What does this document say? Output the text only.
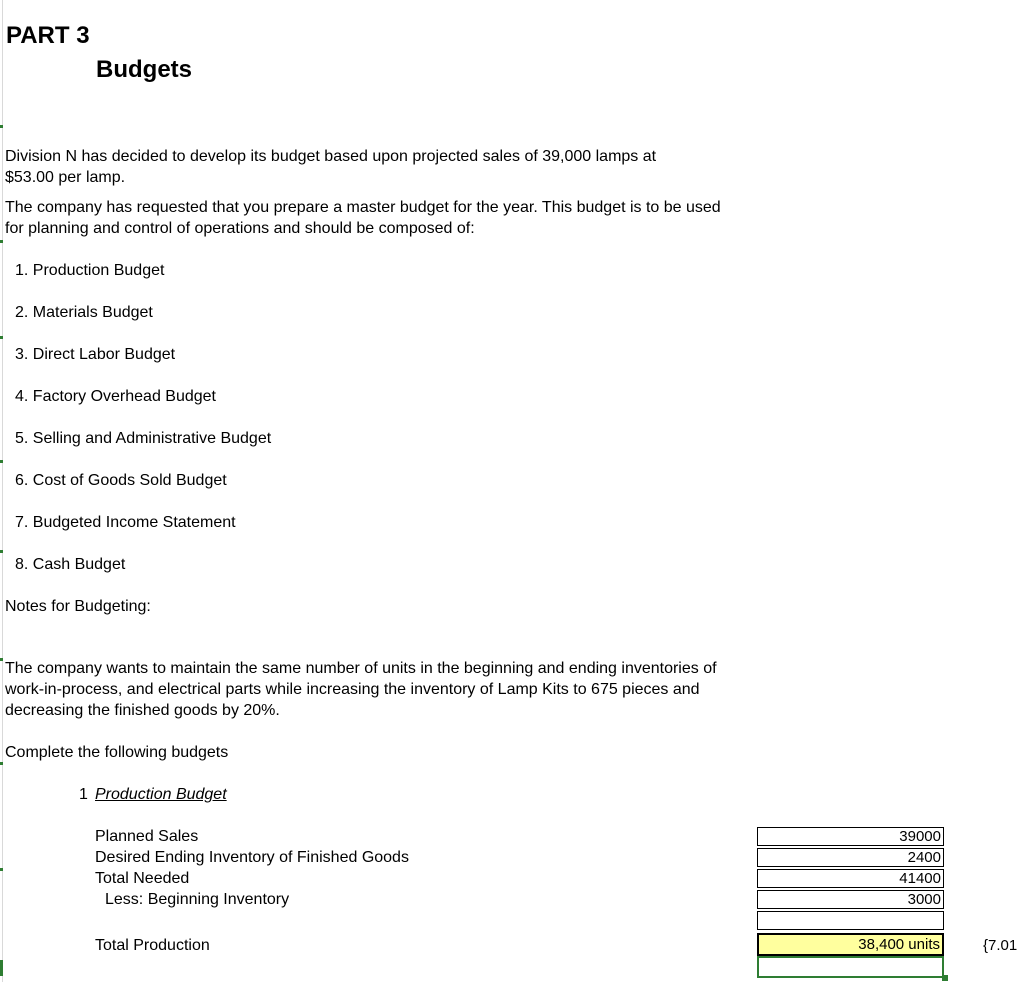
PART 3
Budgets
Division N has decided to develop its budget based upon projected sales of 39,000 lamps at
$53.00 per lamp.
The company has requested that you prepare a master budget for the year. This budget is to be used
for planning and control of operations and should be composed of:
1. Production Budget
2. Materials Budget
3. Direct Labor Budget
4. Factory Overhead Budget
5. Selling and Administrative Budget
6. Cost of Goods Sold Budget
7. Budgeted Income Statement
8. Cash Budget
Notes for Budgeting:
The company wants to maintain the same number of units in the beginning and ending inventories of
work-in-process, and electrical parts while increasing the inventory of Lamp Kits to 675 pieces and
decreasing the finished goods by 20%.
Complete the following budgets
1 Production Budget
Planned Sales
Desired Ending Inventory of Finished Goods
Total Needed
Less: Beginning Inventory
Total Production
39000
2400
41400
3000
38,400 units	{7.01
